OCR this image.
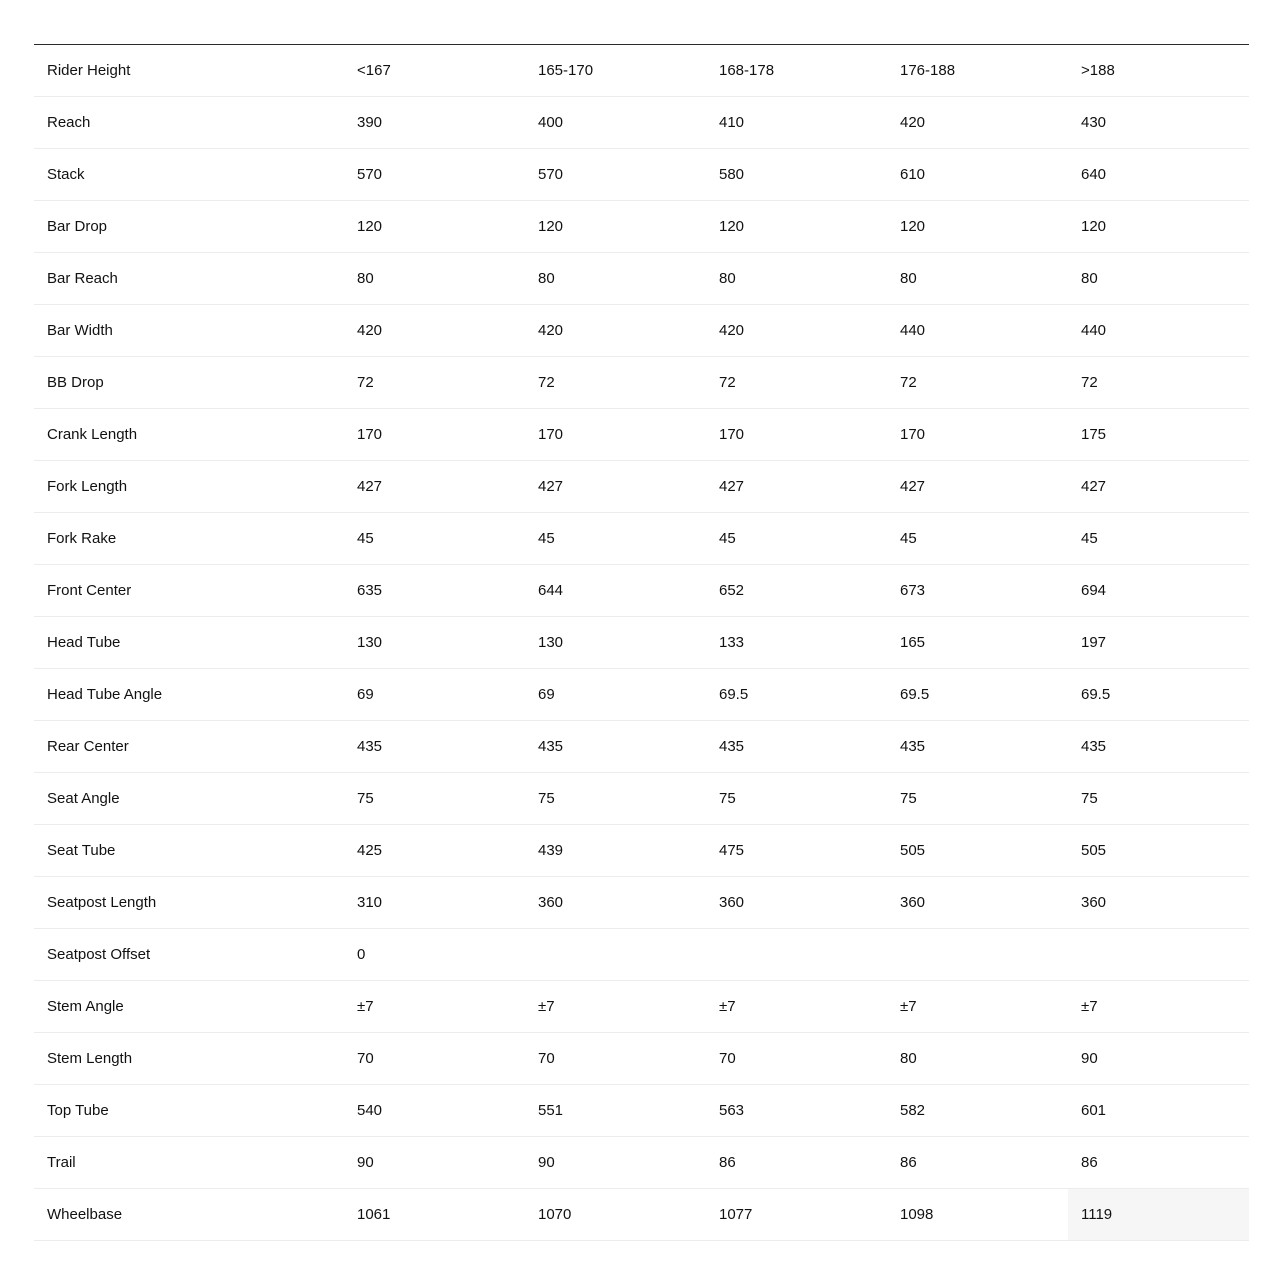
Rider Height	<167	165-170	168-178	176-188	>188
Reach	390	400	410	420	430
Stack	570	570	580	610	640
Bar Drop	120	120	120	120	120
Bar Reach	80	80	80	80	80
Bar Width	420	420	420	440	440
BB Drop	72	72	72	72	72
Crank Length	170	170	170	170	175
Fork Length	427	427	427	427	427
Fork Rake	45	45	45	45	45
Front Center	635	644	652	673	694
Head Tube	130	130	133	165	197
Head Tube Angle	69	69	69.5	69.5	69.5
Rear Center	435	435	435	435	435
Seat Angle	75	75	75	75	75
Seat Tube	425	439	475	505	505
Seatpost Length	310	360	360	360	360
Seatpost Offset	0				
Stem Angle	±7	±7	±7	±7	±7
Stem Length	70	70	70	80	90
Top Tube	540	551	563	582	601
Trail	90	90	86	86	86
Wheelbase	1061	1070	1077	1098	1119
